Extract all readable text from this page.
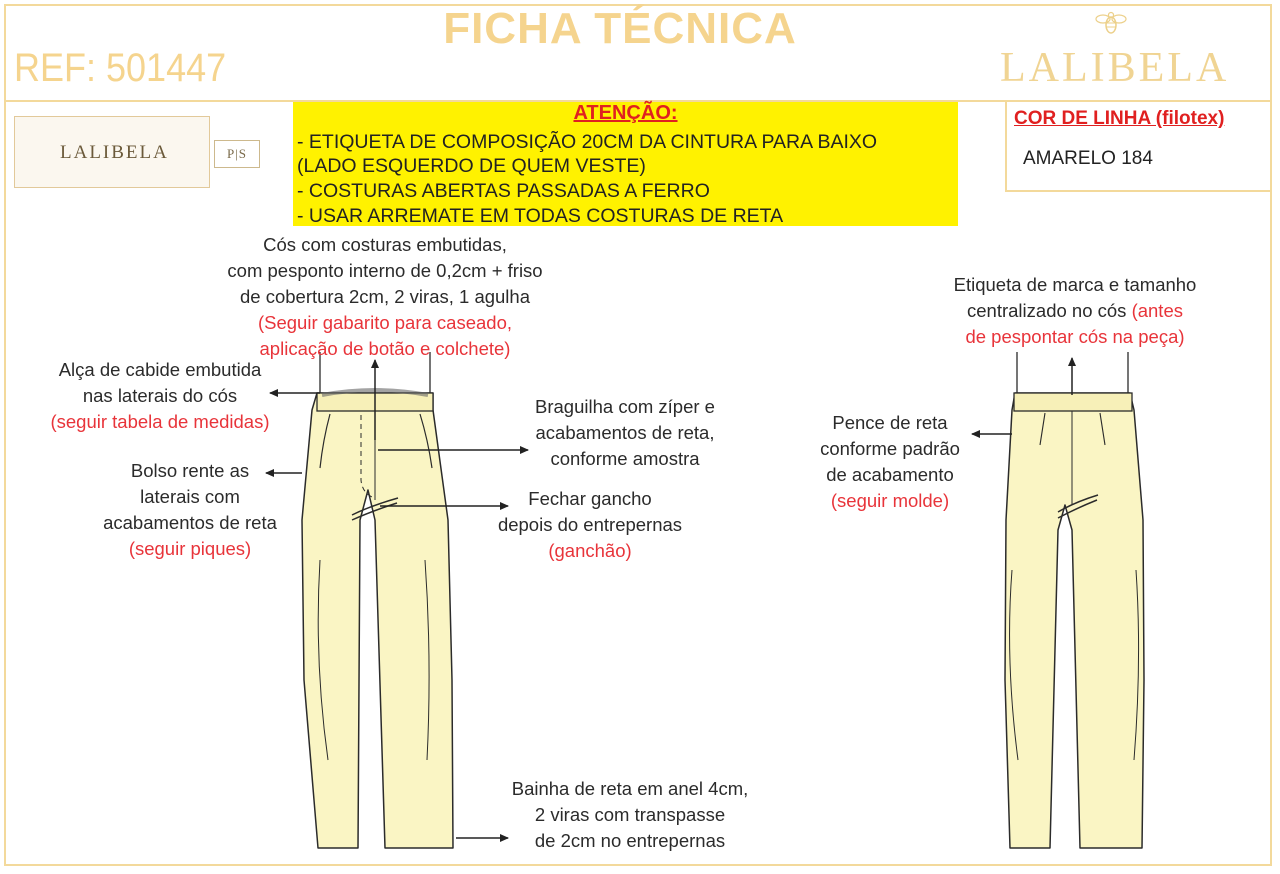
FICHA TÉCNICA
REF: 501447	LALIBELA
LALIBELA	P|S
ATENÇÃO:
- ETIQUETA DE COMPOSIÇÃO 20CM DA CINTURA PARA BAIXO
(LADO ESQUERDO DE QUEM VESTE)
- COSTURAS ABERTAS PASSADAS A FERRO
- USAR ARREMATE EM TODAS COSTURAS DE RETA
COR DE LINHA (filotex)
AMARELO 184
Cós com costuras embutidas,
com pesponto interno de 0,2cm + friso
de cobertura 2cm, 2 viras, 1 agulha
(Seguir gabarito para caseado,
aplicação de botão e colchete)
Alça de cabide embutida
nas laterais do cós
(seguir tabela de medidas)
Braguilha com zíper e
acabamentos de reta,
conforme amostra
Bolso rente as
laterais com
acabamentos de reta
(seguir piques)
Fechar gancho
depois do entrepernas
(ganchão)
Bainha de reta em anel 4cm,
2 viras com transpasse
de 2cm no entrepernas
Etiqueta de marca e tamanho
centralizado no cós (antes
de pespontar cós na peça)
Pence de reta
conforme padrão
de acabamento
(seguir molde)
